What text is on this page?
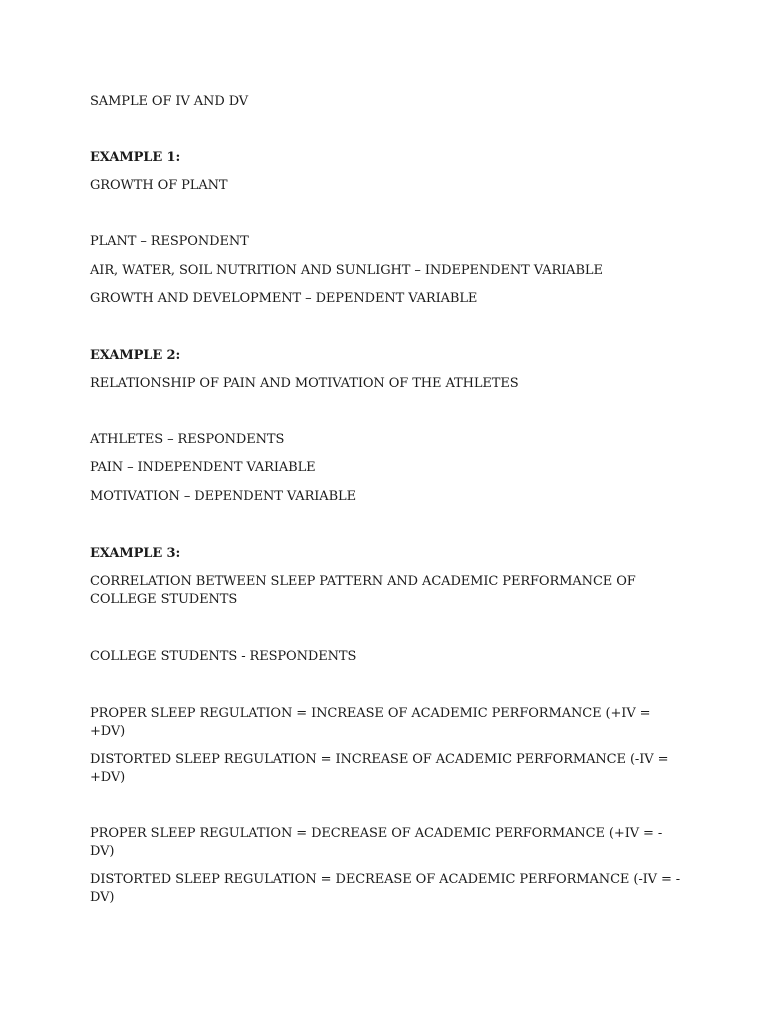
SAMPLE OF IV AND DV
EXAMPLE 1:
GROWTH OF PLANT
PLANT – RESPONDENT
AIR, WATER, SOIL NUTRITION AND SUNLIGHT – INDEPENDENT VARIABLE
GROWTH AND DEVELOPMENT – DEPENDENT VARIABLE
EXAMPLE 2:
RELATIONSHIP OF PAIN AND MOTIVATION OF THE ATHLETES
ATHLETES – RESPONDENTS
PAIN – INDEPENDENT VARIABLE
MOTIVATION – DEPENDENT VARIABLE
EXAMPLE 3:
CORRELATION BETWEEN SLEEP PATTERN AND ACADEMIC PERFORMANCE OF COLLEGE STUDENTS
COLLEGE STUDENTS - RESPONDENTS
PROPER SLEEP REGULATION = INCREASE OF ACADEMIC PERFORMANCE (+IV = +DV)
DISTORTED SLEEP REGULATION = INCREASE OF ACADEMIC PERFORMANCE (-IV = +DV)
PROPER SLEEP REGULATION = DECREASE OF ACADEMIC PERFORMANCE (+IV = -DV)
DISTORTED SLEEP REGULATION = DECREASE OF ACADEMIC PERFORMANCE (-IV = - DV)
